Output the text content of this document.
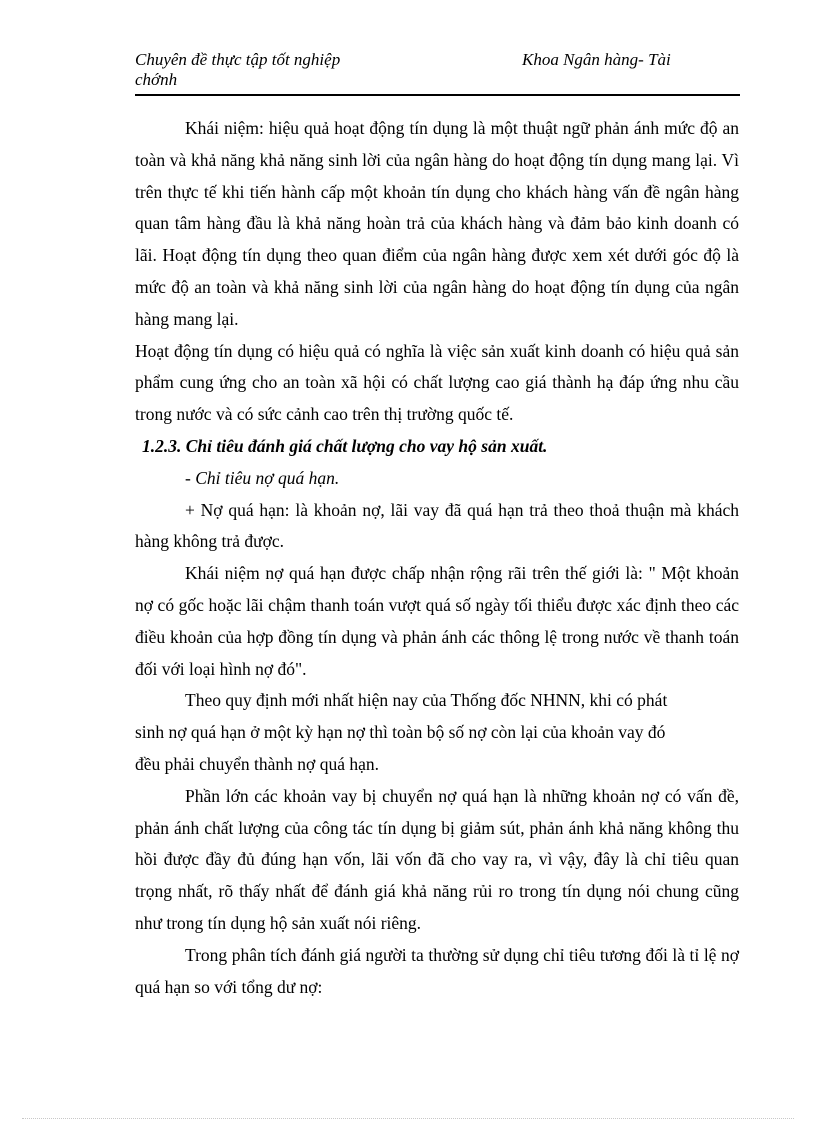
Chuyên đề thực tập tốt nghiệp chớnh
Khoa Ngân hàng- Tài

Khái niệm: hiệu quả hoạt động tín dụng là một thuật ngữ phản ánh mức độ an toàn và khả năng khả năng sinh lời của ngân hàng do hoạt động tín dụng mang lại. Vì trên thực tế khi tiến hành cấp một khoản tín dụng cho khách hàng vấn đề ngân hàng quan tâm hàng đầu là khả năng hoàn trả của khách hàng và đảm bảo kinh doanh có lãi. Hoạt động tín dụng theo quan điểm của ngân hàng được xem xét dưới góc độ là mức độ an toàn và khả năng sinh lời của ngân hàng do hoạt động tín dụng của ngân hàng mang lại.

Hoạt động tín dụng có hiệu quả có nghĩa là việc sản xuất kinh doanh có hiệu quả sản phẩm cung ứng cho an toàn xã hội có chất lượng cao giá thành hạ đáp ứng nhu cầu trong nước và có sức cảnh cao trên thị trường quốc tế.

1.2.3. Chỉ tiêu đánh giá chất lượng cho vay hộ sản xuất.

- Chỉ tiêu nợ quá hạn.

+ Nợ quá hạn: là khoản nợ, lãi vay đã quá hạn trả theo thoả thuận mà khách hàng không trả được.

Khái niệm nợ quá hạn được chấp nhận rộng rãi trên thế giới là: " Một khoản nợ có gốc hoặc lãi chậm thanh toán vượt quá số ngày tối thiểu được xác định theo các điều khoản của hợp đồng tín dụng và phản ánh các thông lệ trong nước về thanh toán đối với loại hình nợ đó".

Theo quy định mới nhất hiện nay của Thống đốc NHNN, khi có phát

sinh nợ quá hạn ở một kỳ hạn nợ thì toàn bộ số nợ còn lại của khoản vay đó

đều phải chuyển thành nợ quá hạn.

Phần lớn các khoản vay bị chuyển nợ quá hạn là những khoản nợ có vấn đề, phản ánh chất lượng của công tác tín dụng bị giảm sút, phản ánh khả năng không thu hồi được đầy đủ đúng hạn vốn, lãi vốn đã cho vay ra, vì vậy, đây là chỉ tiêu quan trọng nhất, rõ thấy nhất để đánh giá khả năng rủi ro trong tín dụng nói chung cũng như trong tín dụng hộ sản xuất nói riêng.

Trong phân tích đánh giá người ta thường sử dụng chỉ tiêu tương đối là tỉ lệ nợ quá hạn so với tổng dư nợ:
